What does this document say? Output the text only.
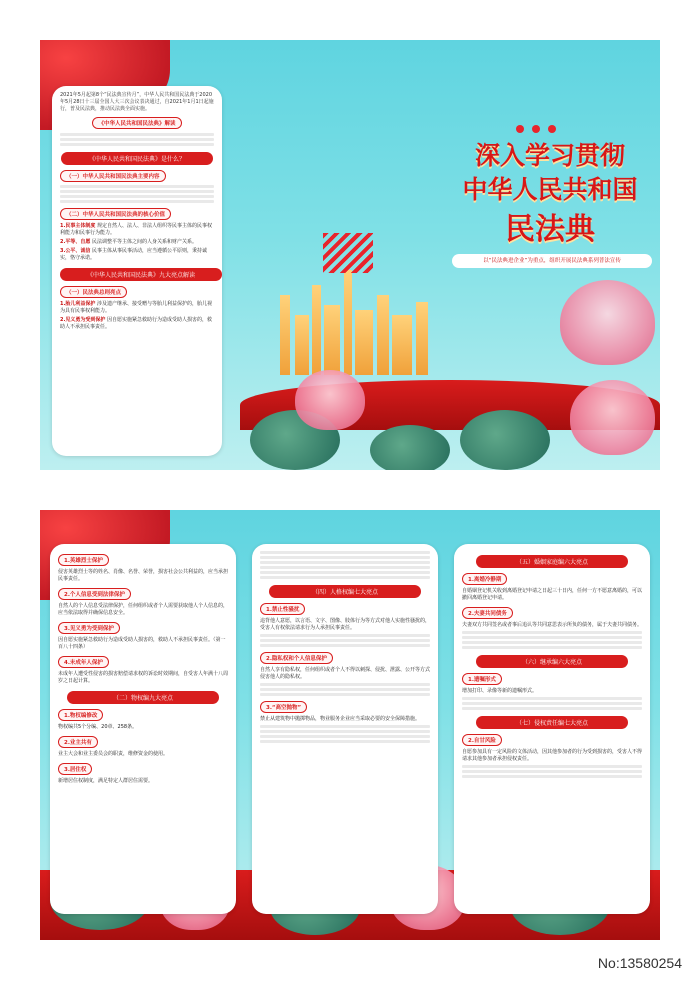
2021年5月起第8个“民法典宣传月”，中华人民共和国民法典于2020年5月28日十三届全国人大三次会议表决通过，自2021年1月1日起施行，普及民法典，推动民法典全面实施。
《中华人民共和国民法典》解读
《中华人民共和国民法典》是什么？
（一）中华人民共和国民法典主要内容
（二）中华人民共和国民法典的核心价值
1.民事主体制度 规定自然人、法人、非法人组织等民事主体的民事权利能力和民事行为能力。
2.平等、自愿 民法调整平等主体之间的人身关系和财产关系。
3.公平、诚信 民事主体从事民事活动，应当遵循公平原则，秉持诚实，恪守承诺。
《中华人民共和国民法典》九大亮点解读
（一）民法典总则亮点
1.胎儿利益保护 涉及遗产继承、接受赠与等胎儿利益保护的，胎儿视为具有民事权利能力。
2.见义勇为受到保护 因自愿实施紧急救助行为造成受助人损害的，救助人不承担民事责任。
深入学习贯彻
中华人民共和国
民法典
以“民法典进企业”为重点，组织开展民法典系列普法宣传
1.英雄烈士保护
侵害英雄烈士等的姓名、肖像、名誉、荣誉，损害社会公共利益的，应当承担民事责任。
2.个人信息受到法律保护
自然人的个人信息受法律保护，任何组织或者个人需要获取他人个人信息的，应当依法取得并确保信息安全。
3.见义勇为受到保护
因自愿实施紧急救助行为造成受助人损害的，救助人不承担民事责任。（第一百八十四条）
4.未成年人保护
未成年人遭受性侵害的损害赔偿请求权的诉讼时效期间，自受害人年满十八周岁之日起计算。
（二）物权编九大亮点
1.物权编修改
物权编共5个分编、20章、258条。
2.业主共有
业主大会和业主委员会的职责，维修资金的使用。
3.居住权
新增居住权制度，满足特定人群居住需要。
（四）人格权编七大亮点
1.禁止性骚扰
违背他人意愿，以言语、文字、图像、肢体行为等方式对他人实施性骚扰的，受害人有权依法请求行为人承担民事责任。
2.隐私权和个人信息保护
自然人享有隐私权，任何组织或者个人不得以刺探、侵扰、泄露、公开等方式侵害他人的隐私权。
3.“高空抛物”
禁止从建筑物中抛掷物品，物业服务企业应当采取必要的安全保障措施。
（五）婚姻家庭编六大亮点
1.离婚冷静期
自婚姻登记机关收到离婚登记申请之日起三十日内，任何一方不愿意离婚的，可以撤回离婚登记申请。
2.夫妻共同债务
夫妻双方共同签名或者事后追认等共同意思表示所负的债务，属于夫妻共同债务。
（六）继承编六大亮点
1.遗嘱形式
增加打印、录像等新的遗嘱形式。
（七）侵权责任编七大亮点
2.自甘风险
自愿参加具有一定风险的文体活动，因其他参加者的行为受到损害的，受害人不得请求其他参加者承担侵权责任。
No:13580254
